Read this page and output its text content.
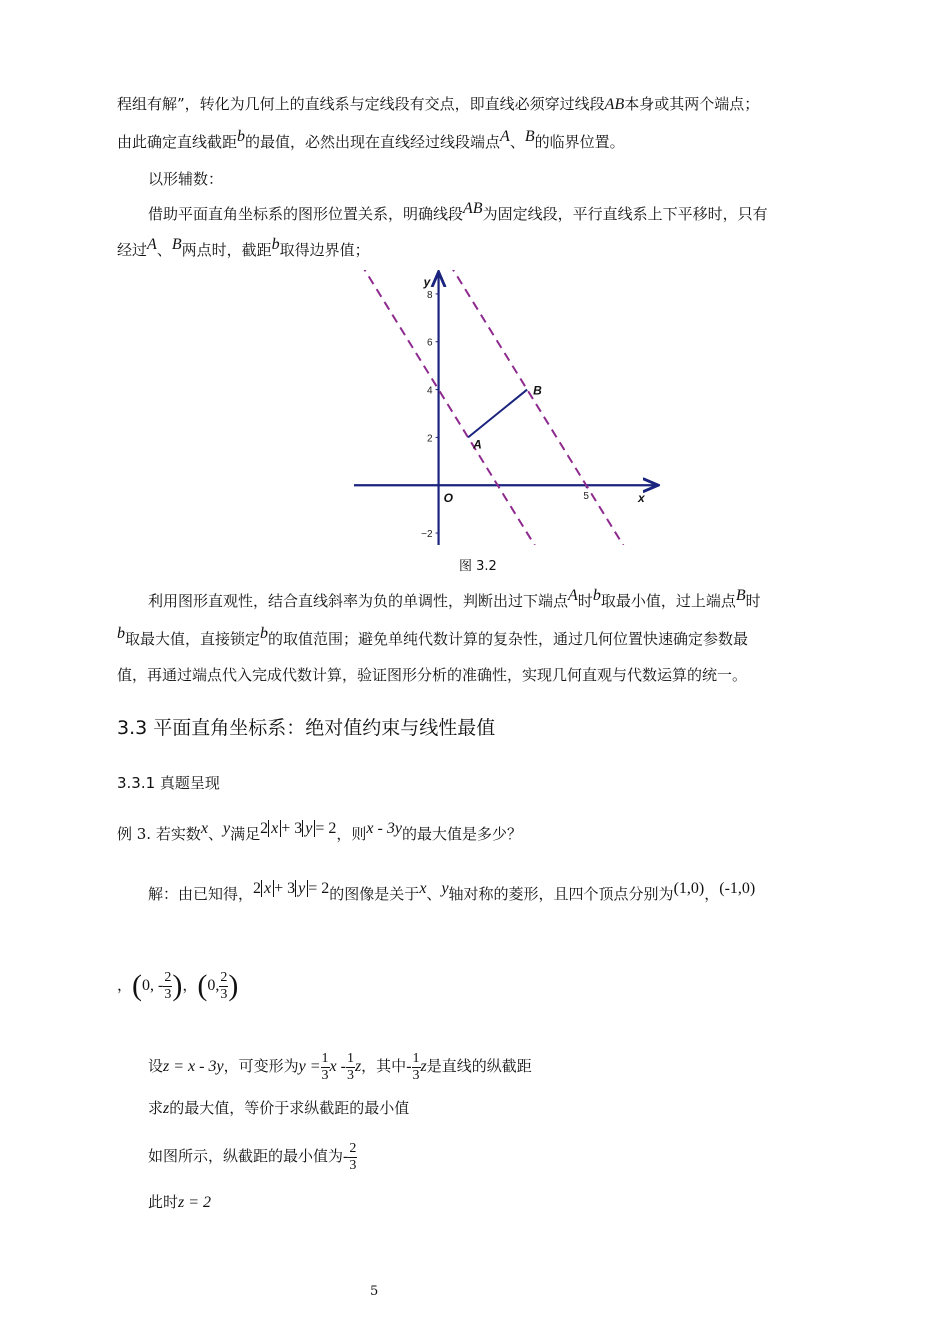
程组有解”，转化为几何上的直线系与定线段有交点，即直线必须穿过线段AB本身或其两个端点；
由此确定直线截距b的最值，必然出现在直线经过线段端点A、B的临界位置。
以形辅数：
借助平面直角坐标系的图形位置关系，明确线段AB为固定线段，平行直线系上下平移时，只有
经过A、B两点时，截距b取得边界值；
8
6
4
2
−2
5
A
B
O	x
y
图 3.2
利用图形直观性，结合直线斜率为负的单调性，判断出过下端点A时b取最小值，过上端点B时
b取最大值，直接锁定b的取值范围；避免单纯代数计算的复杂性，通过几何位置快速确定参数最
值，再通过端点代入完成代数计算，验证图形分析的准确性，实现几何直观与代数运算的统一。
3.3 平面直角坐标系：绝对值约束与线性最值
3.3.1 真题呈现
例 3. 若实数x、y满足2 x + 3 y = 2，则x - 3y的最大值是多少？
解：由已知得，2 x + 3 y = 2的图像是关于x、y轴对称的菱形，且四个顶点分别为(1,0)，(-1,0)
，(0, - $\frac{2}{3}$ )，(0, $\frac{2}{3}$ )
设z = x - 3y，可变形为$y = \frac{1}{3}$ x - $\frac{1}{3}$ z，其中- $\frac{1}{3}$ z是直线的纵截距
求z的最大值，等价于求纵截距的最小值
如图所示，纵截距的最小值为- $\frac{2}{3}$
此时z = 2
5
